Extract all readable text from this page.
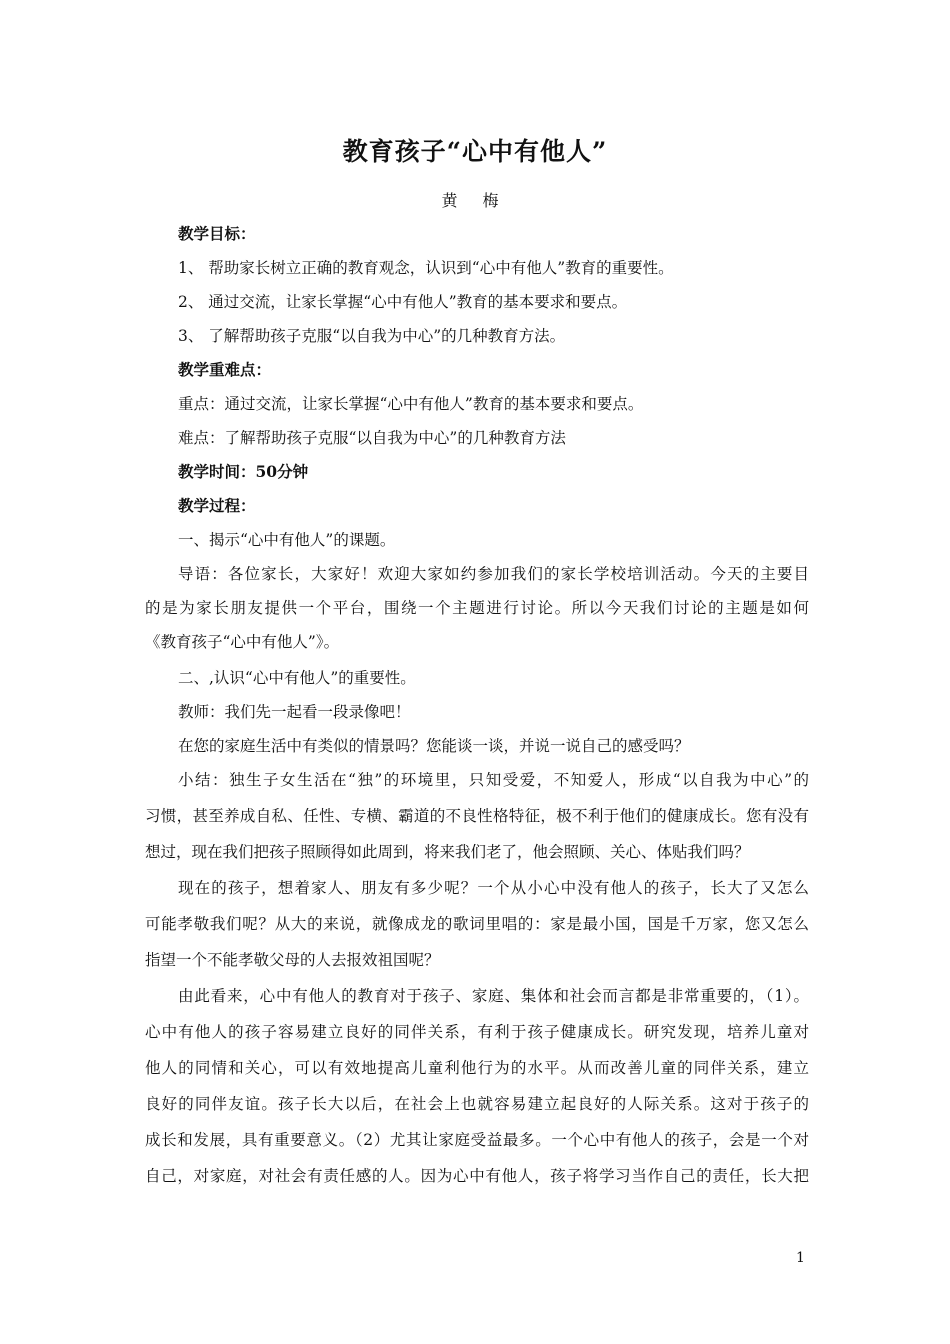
教育孩子“心中有他人”
黄 梅
教学目标：
1、 帮助家长树立正确的教育观念，认识到“心中有他人”教育的重要性。
2、 通过交流，让家长掌握“心中有他人”教育的基本要求和要点。
3、 了解帮助孩子克服“以自我为中心”的几种教育方法。
教学重难点：
重点：通过交流，让家长掌握“心中有他人”教育的基本要求和要点。
难点：了解帮助孩子克服“以自我为中心”的几种教育方法
教学时间：50分钟
教学过程：
一、揭示“心中有他人”的课题。
导语：各位家长，大家好！欢迎大家如约参加我们的家长学校培训活动。今天的主要目
的是为家长朋友提供一个平台，围绕一个主题进行讨论。所以今天我们讨论的主题是如何
《教育孩子“心中有他人”》。
二、,认识“心中有他人”的重要性。
教师：我们先一起看一段录像吧！
在您的家庭生活中有类似的情景吗？您能谈一谈，并说一说自己的感受吗？
小结：独生子女生活在“独”的环境里，只知受爱，不知爱人，形成“以自我为中心”的
习惯，甚至养成自私、任性、专横、霸道的不良性格特征，极不利于他们的健康成长。您有没有
想过，现在我们把孩子照顾得如此周到，将来我们老了，他会照顾、关心、体贴我们吗？
现在的孩子，想着家人、朋友有多少呢？一个从小心中没有他人的孩子，长大了又怎么
可能孝敬我们呢？从大的来说，就像成龙的歌词里唱的：家是最小国，国是千万家，您又怎么
指望一个不能孝敬父母的人去报效祖国呢？
由此看来，心中有他人的教育对于孩子、家庭、集体和社会而言都是非常重要的，（1）。
心中有他人的孩子容易建立良好的同伴关系，有利于孩子健康成长。研究发现，培养儿童对
他人的同情和关心，可以有效地提高儿童利他行为的水平。从而改善儿童的同伴关系，建立
良好的同伴友谊。孩子长大以后，在社会上也就容易建立起良好的人际关系。这对于孩子的
成长和发展，具有重要意义。（2）尤其让家庭受益最多。一个心中有他人的孩子，会是一个对
自己，对家庭，对社会有责任感的人。因为心中有他人，孩子将学习当作自己的责任，长大把
1
